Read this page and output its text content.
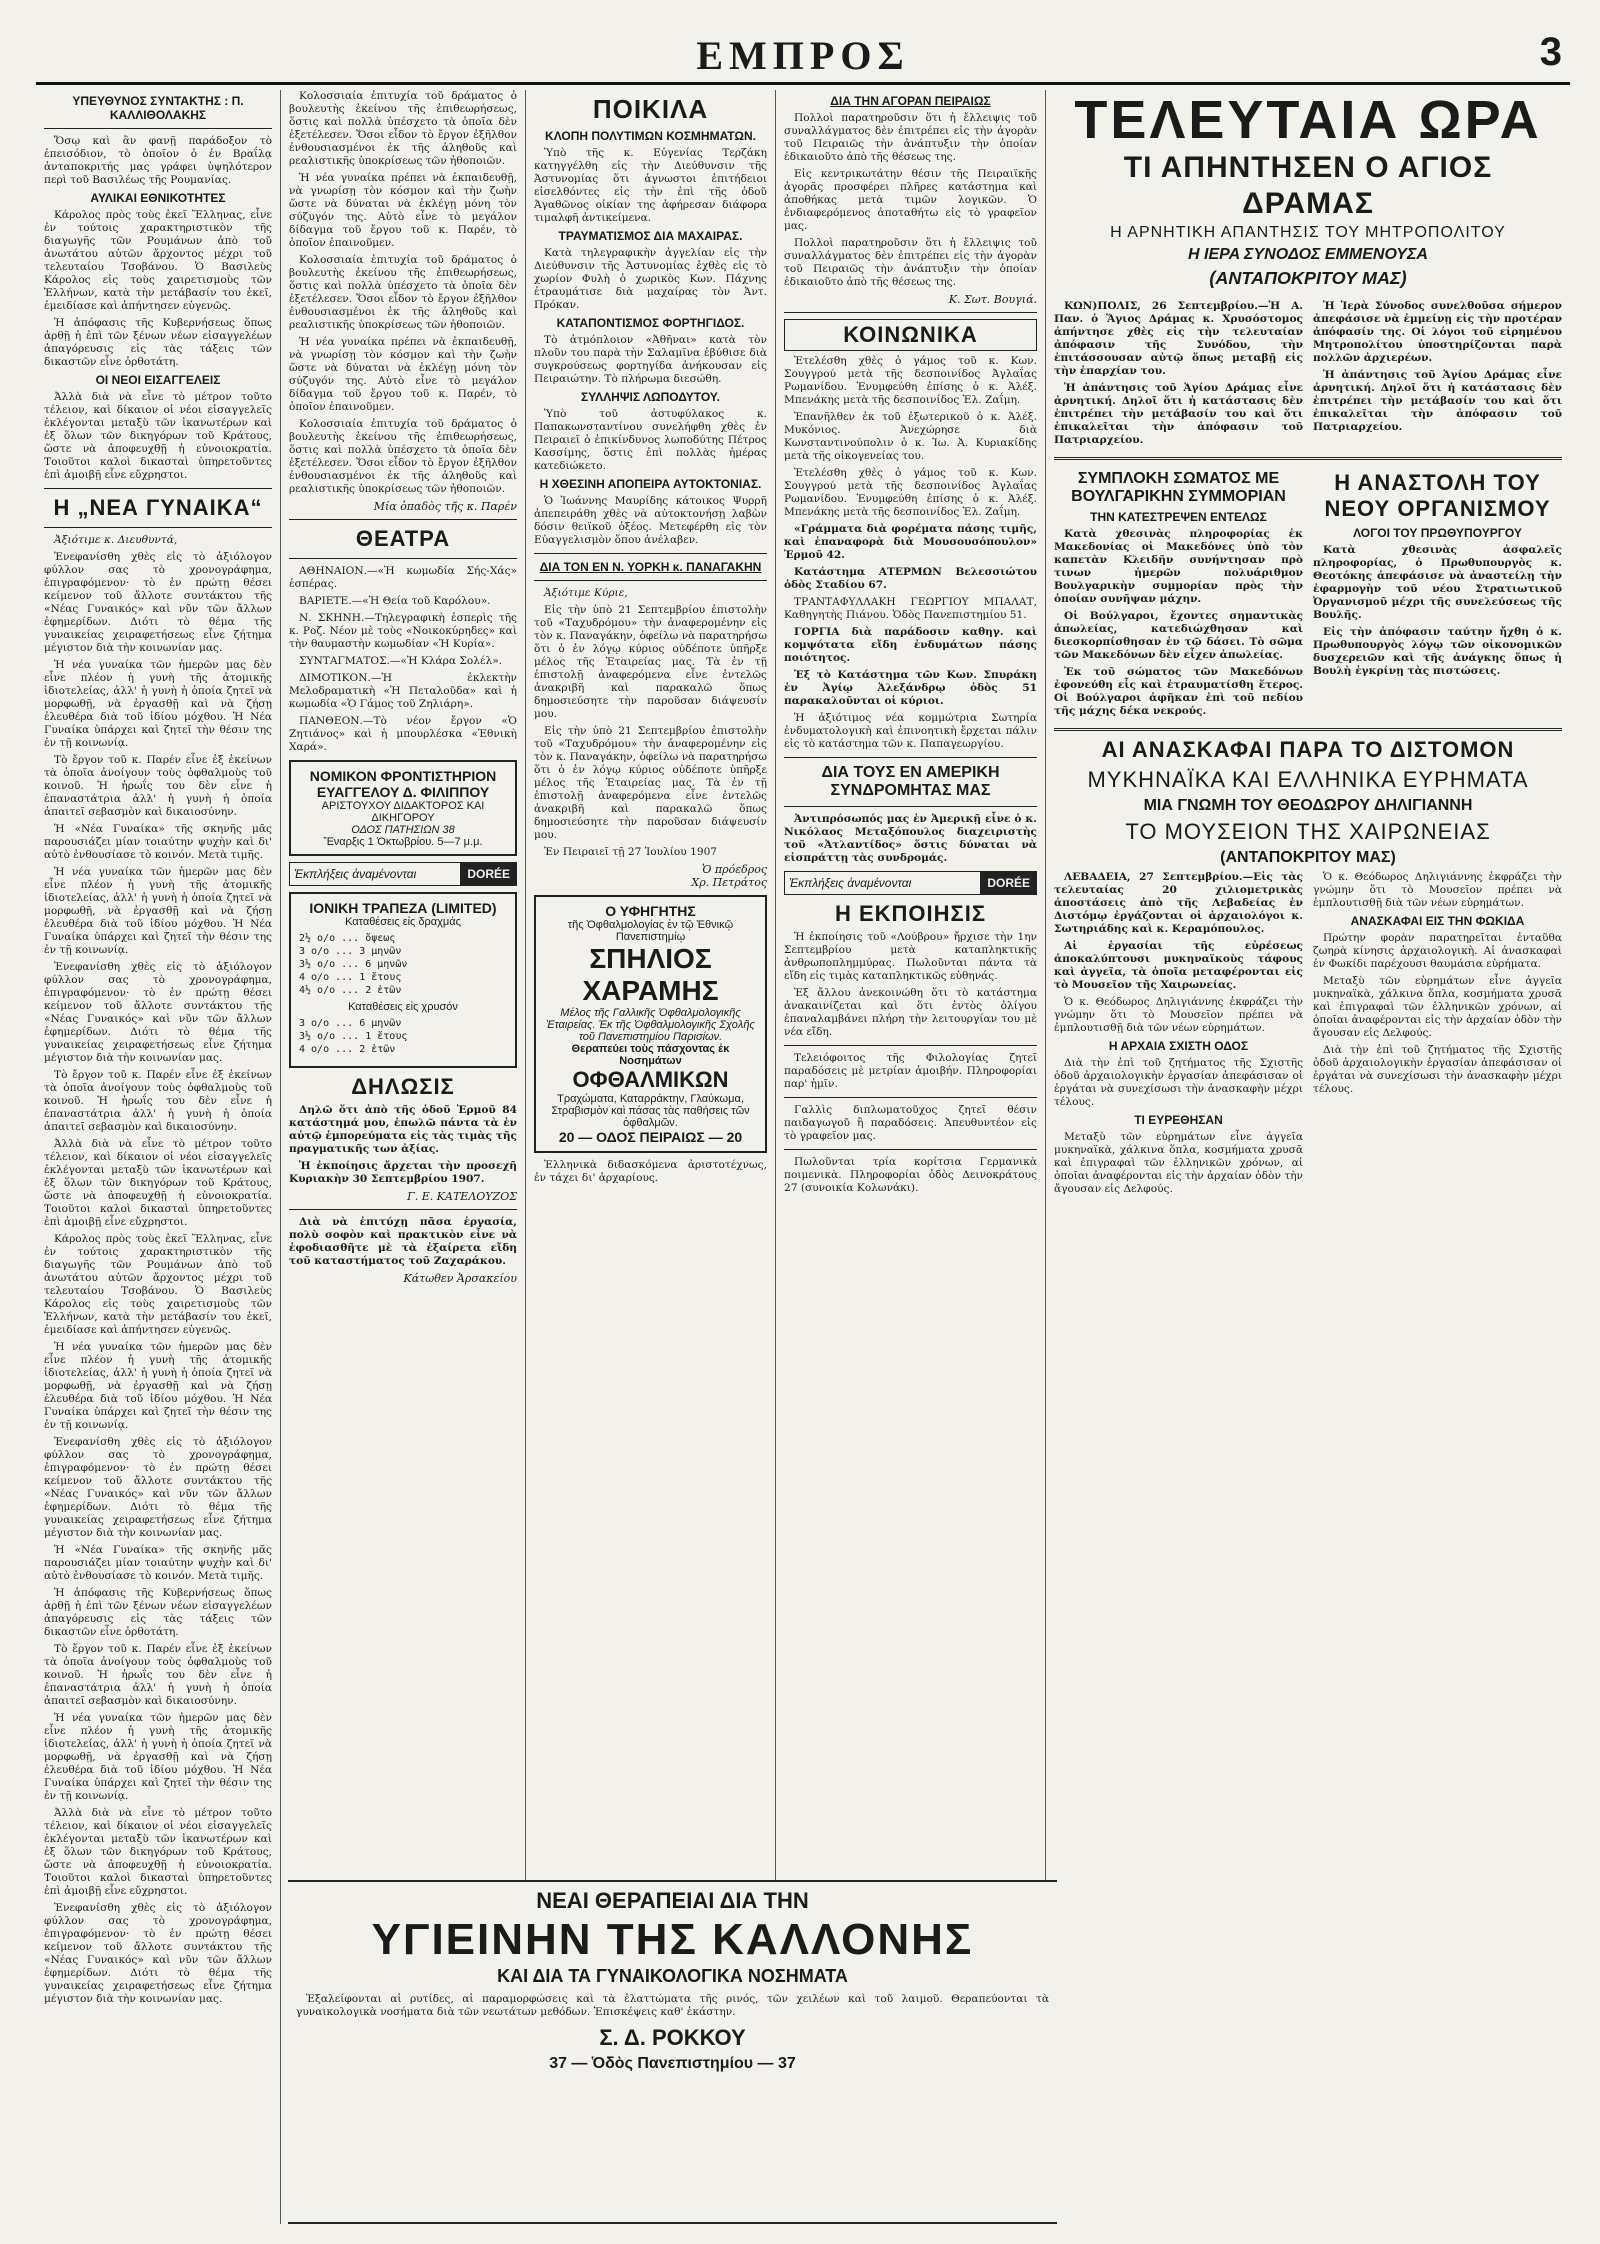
ΕΜΠΡΟΣ	3
ΥΠΕΥΘΥΝΟΣ ΣΥΝΤΑΚΤΗΣ : Π. ΚΑΛΛΙΘΟΛΑΚΗΣ

Ὅσῳ καὶ ἂν φανῇ παράδοξον τὸ ἐπεισόδιον, τὸ ὁποῖον ὁ ἐν Βραΐλᾳ ἀνταποκριτής μας γράφει ὑψηλότερον περὶ τοῦ Βασιλέως τῆς Ρουμανίας.

ΑΥΛΙΚΑΙ ΕΘΝΙΚΟΤΗΤΕΣ

Κάρολος πρὸς τοὺς ἐκεῖ Ἕλληνας, εἶνε ἐν τούτοις χαρακτηριστικὸν τῆς διαγωγῆς τῶν Ρουμάνων ἀπὸ τοῦ ἀνωτάτου αὐτῶν ἄρχοντος μέχρι τοῦ τελευταίου Τσοβάνου. Ὁ Βασιλεὺς Κάρολος εἰς τοὺς χαιρετισμοὺς τῶν Ἑλλήνων, κατὰ τὴν μετάβασίν του ἐκεῖ, ἐμειδίασε καὶ ἀπήντησεν εὐγενῶς.

Ἡ ἀπόφασις τῆς Κυβερνήσεως ὅπως ἀρθῇ ἡ ἐπὶ τῶν ξένων νέων εἰσαγγελέων ἀπαγόρευσις εἰς τὰς τάξεις τῶν δικαστῶν εἶνε ὀρθοτάτη.

ΟΙ ΝΕΟΙ ΕΙΣΑΓΓΕΛΕΙΣ

Ἀλλὰ διὰ νὰ εἶνε τὸ μέτρον τοῦτο τέλειον, καὶ δίκαιον οἱ νέοι εἰσαγγελεῖς ἐκλέγονται μεταξὺ τῶν ἱκανωτέρων καὶ ἐξ ὅλων τῶν δικηγόρων τοῦ Κράτους, ὥστε νὰ ἀποφευχθῇ ἡ εὐνοιοκρατία. Τοιοῦτοι καλοὶ δικασταὶ ὑπηρετοῦντες ἐπὶ ἀμοιβῇ εἶνε εὔχρηστοι.

Η „ΝΕΑ ΓΥΝΑΙΚΑ“

Ἀξιότιμε κ. Διευθυντά,

Ἐνεφανίσθη χθὲς εἰς τὸ ἀξιόλογον φύλλον σας τὸ χρονογράφημα, ἐπιγραφόμενον· τὸ ἐν πρώτῃ θέσει κείμενον τοῦ ἄλλοτε συντάκτου τῆς «Νέας Γυναικός» καὶ νῦν τῶν ἄλλων ἐφημερίδων. Διότι τὸ θέμα τῆς γυναικείας χειραφετήσεως εἶνε ζήτημα μέγιστον διὰ τὴν κοινωνίαν μας.

Ἡ νέα γυναίκα τῶν ἡμερῶν μας δὲν εἶνε πλέον ἡ γυνὴ τῆς ἀτομικῆς ἰδιοτελείας, ἀλλ' ἡ γυνὴ ἡ ὁποία ζητεῖ νὰ μορφωθῇ, νὰ ἐργασθῇ καὶ νὰ ζήσῃ ἐλευθέρα διὰ τοῦ ἰδίου μόχθου. Ἡ Νέα Γυναίκα ὑπάρχει καὶ ζητεῖ τὴν θέσιν της ἐν τῇ κοινωνίᾳ.

Τὸ ἔργον τοῦ κ. Παρέν εἶνε ἐξ ἐκείνων τὰ ὁποῖα ἀνοίγουν τοὺς ὀφθαλμοὺς τοῦ κοινοῦ. Ἡ ἡρωΐς του δὲν εἶνε ἡ ἐπαναστάτρια ἀλλ' ἡ γυνὴ ἡ ὁποία ἀπαιτεῖ σεβασμὸν καὶ δικαιοσύνην.

Ἡ «Νέα Γυναίκα» τῆς σκηνῆς μᾶς παρουσιάζει μίαν τοιαύτην ψυχὴν καὶ δι' αὐτὸ ἐνθουσίασε τὸ κοινόν. Μετὰ τιμῆς.

Ἡ νέα γυναίκα τῶν ἡμερῶν μας δὲν εἶνε πλέον ἡ γυνὴ τῆς ἀτομικῆς ἰδιοτελείας, ἀλλ' ἡ γυνὴ ἡ ὁποία ζητεῖ νὰ μορφωθῇ, νὰ ἐργασθῇ καὶ νὰ ζήσῃ ἐλευθέρα διὰ τοῦ ἰδίου μόχθου. Ἡ Νέα Γυναίκα ὑπάρχει καὶ ζητεῖ τὴν θέσιν της ἐν τῇ κοινωνίᾳ.

Ἐνεφανίσθη χθὲς εἰς τὸ ἀξιόλογον φύλλον σας τὸ χρονογράφημα, ἐπιγραφόμενον· τὸ ἐν πρώτῃ θέσει κείμενον τοῦ ἄλλοτε συντάκτου τῆς «Νέας Γυναικός» καὶ νῦν τῶν ἄλλων ἐφημερίδων. Διότι τὸ θέμα τῆς γυναικείας χειραφετήσεως εἶνε ζήτημα μέγιστον διὰ τὴν κοινωνίαν μας.

Τὸ ἔργον τοῦ κ. Παρέν εἶνε ἐξ ἐκείνων τὰ ὁποῖα ἀνοίγουν τοὺς ὀφθαλμοὺς τοῦ κοινοῦ. Ἡ ἡρωΐς του δὲν εἶνε ἡ ἐπαναστάτρια ἀλλ' ἡ γυνὴ ἡ ὁποία ἀπαιτεῖ σεβασμὸν καὶ δικαιοσύνην.

Ἀλλὰ διὰ νὰ εἶνε τὸ μέτρον τοῦτο τέλειον, καὶ δίκαιον οἱ νέοι εἰσαγγελεῖς ἐκλέγονται μεταξὺ τῶν ἱκανωτέρων καὶ ἐξ ὅλων τῶν δικηγόρων τοῦ Κράτους, ὥστε νὰ ἀποφευχθῇ ἡ εὐνοιοκρατία. Τοιοῦτοι καλοὶ δικασταὶ ὑπηρετοῦντες ἐπὶ ἀμοιβῇ εἶνε εὔχρηστοι.

Κάρολος πρὸς τοὺς ἐκεῖ Ἕλληνας, εἶνε ἐν τούτοις χαρακτηριστικὸν τῆς διαγωγῆς τῶν Ρουμάνων ἀπὸ τοῦ ἀνωτάτου αὐτῶν ἄρχοντος μέχρι τοῦ τελευταίου Τσοβάνου. Ὁ Βασιλεὺς Κάρολος εἰς τοὺς χαιρετισμοὺς τῶν Ἑλλήνων, κατὰ τὴν μετάβασίν του ἐκεῖ, ἐμειδίασε καὶ ἀπήντησεν εὐγενῶς.

Ἡ νέα γυναίκα τῶν ἡμερῶν μας δὲν εἶνε πλέον ἡ γυνὴ τῆς ἀτομικῆς ἰδιοτελείας, ἀλλ' ἡ γυνὴ ἡ ὁποία ζητεῖ νὰ μορφωθῇ, νὰ ἐργασθῇ καὶ νὰ ζήσῃ ἐλευθέρα διὰ τοῦ ἰδίου μόχθου. Ἡ Νέα Γυναίκα ὑπάρχει καὶ ζητεῖ τὴν θέσιν της ἐν τῇ κοινωνίᾳ.

Ἐνεφανίσθη χθὲς εἰς τὸ ἀξιόλογον φύλλον σας τὸ χρονογράφημα, ἐπιγραφόμενον· τὸ ἐν πρώτῃ θέσει κείμενον τοῦ ἄλλοτε συντάκτου τῆς «Νέας Γυναικός» καὶ νῦν τῶν ἄλλων ἐφημερίδων. Διότι τὸ θέμα τῆς γυναικείας χειραφετήσεως εἶνε ζήτημα μέγιστον διὰ τὴν κοινωνίαν μας.

Ἡ «Νέα Γυναίκα» τῆς σκηνῆς μᾶς παρουσιάζει μίαν τοιαύτην ψυχὴν καὶ δι' αὐτὸ ἐνθουσίασε τὸ κοινόν. Μετὰ τιμῆς.

Ἡ ἀπόφασις τῆς Κυβερνήσεως ὅπως ἀρθῇ ἡ ἐπὶ τῶν ξένων νέων εἰσαγγελέων ἀπαγόρευσις εἰς τὰς τάξεις τῶν δικαστῶν εἶνε ὀρθοτάτη.

Τὸ ἔργον τοῦ κ. Παρέν εἶνε ἐξ ἐκείνων τὰ ὁποῖα ἀνοίγουν τοὺς ὀφθαλμοὺς τοῦ κοινοῦ. Ἡ ἡρωΐς του δὲν εἶνε ἡ ἐπαναστάτρια ἀλλ' ἡ γυνὴ ἡ ὁποία ἀπαιτεῖ σεβασμὸν καὶ δικαιοσύνην.

Ἡ νέα γυναίκα τῶν ἡμερῶν μας δὲν εἶνε πλέον ἡ γυνὴ τῆς ἀτομικῆς ἰδιοτελείας, ἀλλ' ἡ γυνὴ ἡ ὁποία ζητεῖ νὰ μορφωθῇ, νὰ ἐργασθῇ καὶ νὰ ζήσῃ ἐλευθέρα διὰ τοῦ ἰδίου μόχθου. Ἡ Νέα Γυναίκα ὑπάρχει καὶ ζητεῖ τὴν θέσιν της ἐν τῇ κοινωνίᾳ.

Ἀλλὰ διὰ νὰ εἶνε τὸ μέτρον τοῦτο τέλειον, καὶ δίκαιον οἱ νέοι εἰσαγγελεῖς ἐκλέγονται μεταξὺ τῶν ἱκανωτέρων καὶ ἐξ ὅλων τῶν δικηγόρων τοῦ Κράτους, ὥστε νὰ ἀποφευχθῇ ἡ εὐνοιοκρατία. Τοιοῦτοι καλοὶ δικασταὶ ὑπηρετοῦντες ἐπὶ ἀμοιβῇ εἶνε εὔχρηστοι.

Ἐνεφανίσθη χθὲς εἰς τὸ ἀξιόλογον φύλλον σας τὸ χρονογράφημα, ἐπιγραφόμενον· τὸ ἐν πρώτῃ θέσει κείμενον τοῦ ἄλλοτε συντάκτου τῆς «Νέας Γυναικός» καὶ νῦν τῶν ἄλλων ἐφημερίδων. Διότι τὸ θέμα τῆς γυναικείας χειραφετήσεως εἶνε ζήτημα μέγιστον διὰ τὴν κοινωνίαν μας.

Κολοσσιαία ἐπιτυχία τοῦ δράματος ὁ βουλευτὴς ἐκείνου τῆς ἐπιθεωρήσεως, ὅστις καὶ πολλὰ ὑπέσχετο τὰ ὁποῖα δὲν ἐξετέλεσεν. Ὅσοι εἶδον τὸ ἔργον ἐξῆλθον ἐνθουσιασμένοι ἐκ τῆς ἀληθοῦς καὶ ρεαλιστικῆς ὑποκρίσεως τῶν ἠθοποιῶν.

Ἡ νέα γυναίκα πρέπει νὰ ἐκπαιδευθῇ, νὰ γνωρίσῃ τὸν κόσμον καὶ τὴν ζωὴν ὥστε νὰ δύναται νὰ ἐκλέγῃ μόνη τὸν σύζυγόν της. Αὐτὸ εἶνε τὸ μεγάλον δίδαγμα τοῦ ἔργου τοῦ κ. Παρέν, τὸ ὁποῖον ἐπαινοῦμεν.

Κολοσσιαία ἐπιτυχία τοῦ δράματος ὁ βουλευτὴς ἐκείνου τῆς ἐπιθεωρήσεως, ὅστις καὶ πολλὰ ὑπέσχετο τὰ ὁποῖα δὲν ἐξετέλεσεν. Ὅσοι εἶδον τὸ ἔργον ἐξῆλθον ἐνθουσιασμένοι ἐκ τῆς ἀληθοῦς καὶ ρεαλιστικῆς ὑποκρίσεως τῶν ἠθοποιῶν.

Ἡ νέα γυναίκα πρέπει νὰ ἐκπαιδευθῇ, νὰ γνωρίσῃ τὸν κόσμον καὶ τὴν ζωὴν ὥστε νὰ δύναται νὰ ἐκλέγῃ μόνη τὸν σύζυγόν της. Αὐτὸ εἶνε τὸ μεγάλον δίδαγμα τοῦ ἔργου τοῦ κ. Παρέν, τὸ ὁποῖον ἐπαινοῦμεν.

Κολοσσιαία ἐπιτυχία τοῦ δράματος ὁ βουλευτὴς ἐκείνου τῆς ἐπιθεωρήσεως, ὅστις καὶ πολλὰ ὑπέσχετο τὰ ὁποῖα δὲν ἐξετέλεσεν. Ὅσοι εἶδον τὸ ἔργον ἐξῆλθον ἐνθουσιασμένοι ἐκ τῆς ἀληθοῦς καὶ ρεαλιστικῆς ὑποκρίσεως τῶν ἠθοποιῶν.

Μία ὀπαδὸς τῆς κ. Παρέν
ΘΕΑΤΡΑ

ΑΘΗΝΑΙΟΝ.—«Ἡ κωμωδία Σής-Χάς» ἑσπέρας.

ΒΑΡΙΕΤΕ.—«Ἡ Θεία τοῦ Καρόλου».

Ν. ΣΚΗΝΗ.—Τηλεγραφικὴ ἐσπερὶς τῆς κ. Ροζ. Νέον μὲ τοὺς «Νοικοκύρηδες» καὶ τὴν θαυμαστὴν κωμωδίαν «Ἡ Κυρία».

ΣΥΝΤΑΓΜΑΤΟΣ.—«Ἡ Κλάρα Σολέλ».

ΔΙΜΟΤΙΚΟΝ.—Ἡ ἐκλεκτὴν Μελοδραματικὴ «Ἡ Πεταλοῦδα» καὶ ἡ κωμωδία «Ὁ Γάμος τοῦ Ζηλιάρη».

ΠΑΝΘΕΟΝ.—Τὸ νέον ἔργον «Ὁ Ζητιάνος» καὶ ἡ μπουρλέσκα «Ἐθνικὴ Χαρά».

ΝΟΜΙΚΟΝ ΦΡΟΝΤΙΣΤΗΡΙΟΝ
ΕΥΑΓΓΕΛΟΥ Δ. ΦΙΛΙΠΠΟΥ
ΑΡΙΣΤΟΥΧΟΥ ΔΙΔΑΚΤΟΡΟΣ ΚΑΙ ΔΙΚΗΓΟΡΟΥ
ΟΔΟΣ ΠΑΤΗΣΙΩΝ 38
Ἔναρξις 1 Ὀκτωβρίου. 5—7 μ.μ.
Ἐκπλήξεις ἀναμένονται	DORÉE
ΙΟΝΙΚΗ ΤΡΑΠΕΖΑ (LIMITED)
Καταθέσεις εἰς δραχμάς
2½ ο/ο ... ὄψεως
3 ο/ο ... 3 μηνῶν
3½ ο/ο ... 6 μηνῶν
4 ο/ο ... 1 ἔτους
4½ ο/ο ... 2 ἐτῶν
Καταθέσεις εἰς χρυσόν
3 ο/ο ... 6 μηνῶν
3½ ο/ο ... 1 ἔτους
4 ο/ο ... 2 ἐτῶν
ΔΗΛΩΣΙΣ

Δηλῶ ὅτι ἀπὸ τῆς ὁδοῦ Ἑρμοῦ 84 κατάστημά μου, ἐπωλῶ πάντα τὰ ἐν αὐτῷ ἐμπορεύματα εἰς τὰς τιμὰς τῆς πραγματικῆς των ἀξίας.

Ἡ ἐκποίησις ἄρχεται τὴν προσεχῆ Κυριακὴν 30 Σεπτεμβρίου 1907.

Γ. Ε. ΚΑΤΕΛΟΥΖΟΣ

Διὰ νὰ ἐπιτύχῃ πᾶσα ἐργασία, πολὺ σοφὸν καὶ πρακτικὸν εἶνε νὰ ἐφοδιασθῆτε μὲ τὰ ἐξαίρετα εἴδη τοῦ καταστήματος τοῦ Ζαχαράκου.

Κάτωθεν Ἀρσακείου
ΠΟΙΚΙΛΑ
ΚΛΟΠΗ ΠΟΛΥΤΙΜΩΝ ΚΟΣΜΗΜΑΤΩΝ.

Ὑπὸ τῆς κ. Εὐγενίας Τερζάκη κατηγγέλθη εἰς τὴν Διεύθυνσιν τῆς Ἀστυνομίας ὅτι ἀγνωστοι ἐπιτήδειοι εἰσελθόντες εἰς τὴν ἐπὶ τῆς ὁδοῦ Ἀγαθῶνος οἰκίαν της ἀφήρεσαν διάφορα τιμαλφῆ ἀντικείμενα.

ΤΡΑΥΜΑΤΙΣΜΟΣ ΔΙΑ ΜΑΧΑΙΡΑΣ.

Κατὰ τηλεγραφικὴν ἀγγελίαν εἰς τὴν Διεύθυνσιν τῆς Ἀστυνομίας ἐχθὲς εἰς τὸ χωρίον Φυλὴ ὁ χωρικὸς Κων. Πάχνης ἐτραυμάτισε διὰ μαχαίρας τὸν Ἀντ. Πρόκαν.

ΚΑΤΑΠΟΝΤΙΣΜΟΣ ΦΟΡΤΗΓΙΔΟΣ.

Τὸ ἀτμόπλοιον «Ἀθῆναι» κατὰ τὸν πλοῦν του παρὰ τὴν Σαλαμῖνα ἐβύθισε διὰ συγκρούσεως φορτηγίδα ἀνήκουσαν εἰς Πειραιώτην. Τὸ πλήρωμα διεσώθη.

ΣΥΛΛΗΨΙΣ ΛΩΠΟΔΥΤΟΥ.

Ὑπὸ τοῦ ἀστυφύλακος κ. Παπακωνσταντίνου συνελήφθη χθὲς ἐν Πειραιεῖ ὁ ἐπικίνδυνος λωποδύτης Πέτρος Κασσίμης, ὅστις ἐπὶ πολλὰς ἡμέρας κατεδιώκετο.

Η ΧΘΕΣΙΝΗ ΑΠΟΠΕΙΡΑ ΑΥΤΟΚΤΟΝΙΑΣ.

Ὁ Ἰωάννης Μαυρίδης κάτοικος Ψυρρῆ ἀπεπειράθη χθὲς νὰ αὐτοκτονήσῃ λαβὼν δόσιν θειϊκοῦ ὀξέος. Μετεφέρθη εἰς τὸν Εὐαγγελισμὸν ὅπου ἀνέλαβεν.

ΔΙΑ ΤΟΝ ΕΝ Ν. ΥΟΡΚΗ κ. ΠΑΝΑΓΑΚΗΝ

Ἀξιότιμε Κύριε,

Εἰς τὴν ὑπὸ 21 Σεπτεμβρίου ἐπιστολὴν τοῦ «Ταχυδρόμου» τὴν ἀναφερομένην εἰς τὸν κ. Παναγάκην, ὀφείλω νὰ παρατηρήσω ὅτι ὁ ἐν λόγῳ κύριος οὐδέποτε ὑπῆρξε μέλος τῆς Ἑταιρείας μας. Τὰ ἐν τῇ ἐπιστολῇ ἀναφερόμενα εἶνε ἐντελῶς ἀνακριβῆ καὶ παρακαλῶ ὅπως δημοσιεύσητε τὴν παροῦσαν διάψευσίν μου.

Εἰς τὴν ὑπὸ 21 Σεπτεμβρίου ἐπιστολὴν τοῦ «Ταχυδρόμου» τὴν ἀναφερομένην εἰς τὸν κ. Παναγάκην, ὀφείλω νὰ παρατηρήσω ὅτι ὁ ἐν λόγῳ κύριος οὐδέποτε ὑπῆρξε μέλος τῆς Ἑταιρείας μας. Τὰ ἐν τῇ ἐπιστολῇ ἀναφερόμενα εἶνε ἐντελῶς ἀνακριβῆ καὶ παρακαλῶ ὅπως δημοσιεύσητε τὴν παροῦσαν διάψευσίν μου.

Ἐν Πειραιεῖ τῇ 27 Ἰουλίου 1907

Ὁ πρόεδρος
Χρ. Πετράτος
Ο ΥΦΗΓΗΤΗΣ
τῆς Ὀφθαλμολογίας ἐν τῷ Ἐθνικῷ Πανεπιστημίῳ
ΣΠΗΛΙΟΣ ΧΑΡΑΜΗΣ
Μέλος τῆς Γαλλικῆς Ὀφθαλμολογικῆς Ἑταιρείας. Ἐκ τῆς Ὀφθαλμολογικῆς Σχολῆς τοῦ Πανεπιστημίου Παρισίων.
Θεραπεύει τοὺς πάσχοντας ἐκ Νοσημάτων
ΟΦΘΑΛΜΙΚΩΝ
Τραχώματα, Καταρράκτην, Γλαύκωμα, Στραβισμὸν καὶ πάσας τὰς παθήσεις τῶν ὀφθαλμῶν.
20 — ΟΔΟΣ ΠΕΙΡΑΙΩΣ — 20

Ἑλληνικὰ διδασκόμενα ἀριστοτέχνως, ἐν τάχει δι' ἀρχαρίους.

ΔΙΑ ΤΗΝ ΑΓΟΡΑΝ ΠΕΙΡΑΙΩΣ

Πολλοὶ παρατηροῦσιν ὅτι ἡ ἔλλειψις τοῦ συναλλάγματος δὲν ἐπιτρέπει εἰς τὴν ἀγορὰν τοῦ Πειραιῶς τὴν ἀνάπτυξιν τὴν ὁποίαν ἐδικαιοῦτο ἀπὸ τῆς θέσεως της.

Εἰς κεντρικωτάτην θέσιν τῆς Πειραιϊκῆς ἀγορᾶς προσφέρει πλῆρες κατάστημα καὶ ἀποθήκας μετὰ τιμῶν λογικῶν. Ὁ ἐνδιαφερόμενος ἀποταθήτω εἰς τὸ γραφεῖον μας.

Πολλοὶ παρατηροῦσιν ὅτι ἡ ἔλλειψις τοῦ συναλλάγματος δὲν ἐπιτρέπει εἰς τὴν ἀγορὰν τοῦ Πειραιῶς τὴν ἀνάπτυξιν τὴν ὁποίαν ἐδικαιοῦτο ἀπὸ τῆς θέσεως της.

Κ. Σωτ. Βουγιά.
ΚΟΙΝΩΝΙΚΑ

Ἐτελέσθη χθὲς ὁ γάμος τοῦ κ. Κων. Σουγγρού μετὰ τῆς δεσποινίδος Ἀγλαΐας Ρωμανίδου. Ἐνυμφεύθη ἐπίσης ὁ κ. Ἀλέξ. Μπενάκης μετὰ τῆς δεσποινίδος Ἑλ. Ζαΐμη.

Ἐπανῆλθεν ἐκ τοῦ ἐξωτερικοῦ ὁ κ. Ἀλέξ. Μυκόνιος. Ἀνεχώρησε διὰ Κωνσταντινούπολιν ὁ κ. Ἰω. Ἀ. Κυριακίδης μετὰ τῆς οἰκογενείας του.

Ἐτελέσθη χθὲς ὁ γάμος τοῦ κ. Κων. Σουγγρού μετὰ τῆς δεσποινίδος Ἀγλαΐας Ρωμανίδου. Ἐνυμφεύθη ἐπίσης ὁ κ. Ἀλέξ. Μπενάκης μετὰ τῆς δεσποινίδος Ἑλ. Ζαΐμη.

«Γράμματα διὰ φορέματα πάσης τιμῆς, καὶ ἐπαναφορὰ διὰ Μουσουσόπουλον» Ἑρμοῦ 42.

Κατάστημα ΑΤΕΡΜΩΝ Βελεσσιώτου ὁδὸς Σταδίου 67.

ΤΡΑΝΤΑΦΥΛΛΑΚΗ ΓΕΩΡΓΙΟΥ ΜΠΑΛΑΤ, Καθηγητὴς Πιάνου. Ὁδὸς Πανεπιστημίου 51.

ΓΟΡΓΙΑ διὰ παράδοσιν καθηγ. καὶ κομψότατα εἴδη ἐνδυμάτων πάσης ποιότητος.

Ἐξ τὸ Κατάστημα τῶν Κων. Σπυράκη ἐν Ἀγίῳ Ἀλεξάνδρῳ ὁδὸς 51 παρακαλοῦνται οἱ κύριοι.

Ἡ ἀξιότιμος νέα κομμώτρια Σωτηρία ἐνδυματολογικὴ καὶ ἐπινοητικὴ ἔρχεται πάλιν εἰς τὸ κατάστημα τῶν κ. Παπαγεωργίου.

ΔΙΑ ΤΟΥΣ ΕΝ ΑΜΕΡΙΚΗ ΣΥΝΔΡΟΜΗΤΑΣ ΜΑΣ

Ἀντιπρόσωπός μας ἐν Ἀμερικῇ εἶνε ὁ κ. Νικόλαος Μεταξόπουλος διαχειριστὴς τοῦ «Ἀτλαντίδος» ὅστις δύναται νὰ εἰσπράττῃ τὰς συνδρομάς.

Ἐκπλήξεις ἀναμένονται	DORÉE
Η ΕΚΠΟΙΗΣΙΣ

Ἡ ἐκποίησις τοῦ «Λούβρου» ἤρχισε τὴν 1ην Σεπτεμβρίου μετὰ καταπληκτικῆς ἀνθρωποπλημμύρας. Πωλοῦνται πάντα τὰ εἴδη εἰς τιμὰς καταπληκτικῶς εὐθηνάς.

Ἐξ ἄλλου ἀνεκοινώθη ὅτι τὸ κατάστημα ἀνακαινίζεται καὶ ὅτι ἐντὸς ὀλίγου ἐπαναλαμβάνει πλήρη τὴν λειτουργίαν του μὲ νέα εἴδη.

Τελειόφοιτος τῆς Φιλολογίας ζητεῖ παραδόσεις μὲ μετρίαν ἀμοιβήν. Πληροφορίαι παρ' ἡμῖν.

Γαλλὶς διπλωματοῦχος ζητεῖ θέσιν παιδαγωγοῦ ἢ παραδόσεις. Ἀπευθυντέον εἰς τὸ γραφεῖον μας.

Πωλοῦνται τρία κορίτσια Γερμανικὰ ποιμενικὰ. Πληροφορίαι ὁδὸς Δεινοκράτους 27 (συνοικία Κολωνάκι).

ΤΕΛΕΥΤΑΙΑ ΩΡΑ
ΤΙ ΑΠΗΝΤΗΣΕΝ Ο ΑΓΙΟΣ ΔΡΑΜΑΣ
Η ΑΡΝΗΤΙΚΗ ΑΠΑΝΤΗΣΙΣ ΤΟΥ ΜΗΤΡΟΠΟΛΙΤΟΥ
Η ΙΕΡΑ ΣΥΝΟΔΟΣ ΕΜΜΕΝΟΥΣΑ
(ΑΝΤΑΠΟΚΡΙΤΟΥ ΜΑΣ)

ΚΩΝ)ΠΟΛΙΣ, 26 Σεπτεμβρίου.—Ἡ Α. Παν. ὁ Ἅγιος Δράμας κ. Χρυσόστομος ἀπήντησε χθὲς εἰς τὴν τελευταίαν ἀπόφασιν τῆς Συνόδου, τὴν ἐπιτάσσουσαν αὐτῷ ὅπως μεταβῇ εἰς τὴν ἐπαρχίαν του.

Ἡ ἀπάντησις τοῦ Ἁγίου Δράμας εἶνε ἀρνητική. Δηλοῖ ὅτι ἡ κατάστασις δὲν ἐπιτρέπει τὴν μετάβασίν του καὶ ὅτι ἐπικαλεῖται τὴν ἀπόφασιν τοῦ Πατριαρχείου.

Ἡ Ἱερὰ Σύνοδος συνελθοῦσα σήμερον ἀπεφάσισε νὰ ἐμμείνῃ εἰς τὴν προτέραν ἀπόφασίν της. Οἱ λόγοι τοῦ εἰρημένου Μητροπολίτου ὑποστηρίζονται παρὰ πολλῶν ἀρχιερέων.

Ἡ ἀπάντησις τοῦ Ἁγίου Δράμας εἶνε ἀρνητική. Δηλοῖ ὅτι ἡ κατάστασις δὲν ἐπιτρέπει τὴν μετάβασίν του καὶ ὅτι ἐπικαλεῖται τὴν ἀπόφασιν τοῦ Πατριαρχείου.

ΣΥΜΠΛΟΚΗ ΣΩΜΑΤΟΣ ΜΕ ΒΟΥΛΓΑΡΙΚΗΝ ΣΥΜΜΟΡΙΑΝ
ΤΗΝ ΚΑΤΕΣΤΡΕΨΕΝ ΕΝΤΕΛΩΣ

Κατὰ χθεσινὰς πληροφορίας ἐκ Μακεδονίας οἱ Μακεδόνες ὑπὸ τὸν καπετὰν Κλειδῆν συνήντησαν πρὸ τινων ἡμερῶν πολυάριθμον Βουλγαρικὴν συμμορίαν πρὸς τὴν ὁποίαν συνῆψαν μάχην.

Οἱ Βούλγαροι, ἔχοντες σημαντικὰς ἀπωλείας, κατεδιώχθησαν καὶ διεσκορπίσθησαν ἐν τῷ δάσει. Τὸ σῶμα τῶν Μακεδόνων δὲν εἶχεν ἀπωλείας.

Ἐκ τοῦ σώματος τῶν Μακεδόνων ἐφονεύθη εἷς καὶ ἐτραυματίσθη ἕτερος. Οἱ Βούλγαροι ἀφῆκαν ἐπὶ τοῦ πεδίου τῆς μάχης δέκα νεκρούς.

Η ΑΝΑΣΤΟΛΗ ΤΟΥ ΝΕΟΥ ΟΡΓΑΝΙΣΜΟΥ
ΛΟΓΟΙ ΤΟΥ ΠΡΩΘΥΠΟΥΡΓΟΥ

Κατὰ χθεσινὰς ἀσφαλεῖς πληροφορίας, ὁ Πρωθυπουργὸς κ. Θεοτόκης ἀπεφάσισε νὰ ἀναστείλῃ τὴν ἐφαρμογὴν τοῦ νέου Στρατιωτικοῦ Ὀργανισμοῦ μέχρι τῆς συνελεύσεως τῆς Βουλῆς.

Εἰς τὴν ἀπόφασιν ταύτην ἤχθη ὁ κ. Πρωθυπουργὸς λόγῳ τῶν οἰκονομικῶν δυσχερειῶν καὶ τῆς ἀνάγκης ὅπως ἡ Βουλὴ ἐγκρίνῃ τὰς πιστώσεις.

ΑΙ ΑΝΑΣΚΑΦΑΙ ΠΑΡΑ ΤΟ ΔΙΣΤΟΜΟΝ
ΜΥΚΗΝΑΪΚΑ ΚΑΙ ΕΛΛΗΝΙΚΑ ΕΥΡΗΜΑΤΑ
ΜΙΑ ΓΝΩΜΗ ΤΟΥ ΘΕΟΔΩΡΟΥ ΔΗΛΙΓΙΑΝΝΗ
ΤΟ ΜΟΥΣΕΙΟΝ ΤΗΣ ΧΑΙΡΩΝΕΙΑΣ
(ΑΝΤΑΠΟΚΡΙΤΟΥ ΜΑΣ)

ΛΕΒΑΔΕΙΑ, 27 Σεπτεμβρίου.—Εἰς τὰς τελευταίας 20 χιλιομετρικὰς ἀποστάσεις ἀπὸ τῆς Λεβαδείας ἐν Διστόμῳ ἐργάζονται οἱ ἀρχαιολόγοι κ. Σωτηριάδης καὶ κ. Κεραμόπουλος.

Αἱ ἐργασίαι τῆς εὑρέσεως ἀποκαλύπτουσι μυκηναϊκοὺς τάφους καὶ ἀγγεῖα, τὰ ὁποῖα μεταφέρονται εἰς τὸ Μουσεῖον τῆς Χαιρωνείας.

Ὁ κ. Θεόδωρος Δηλιγιάννης ἐκφράζει τὴν γνώμην ὅτι τὸ Μουσεῖον πρέπει νὰ ἐμπλουτισθῇ διὰ τῶν νέων εὑρημάτων.

Η ΑΡΧΑΙΑ ΣΧΙΣΤΗ ΟΔΟΣ

Διὰ τὴν ἐπὶ τοῦ ζητήματος τῆς Σχιστῆς ὁδοῦ ἀρχαιολογικὴν ἐργασίαν ἀπεφάσισαν οἱ ἐργάται νὰ συνεχίσωσι τὴν ἀνασκαφὴν μέχρι τέλους.

ΤΙ ΕΥΡΕΘΗΣΑΝ

Μεταξὺ τῶν εὑρημάτων εἶνε ἀγγεῖα μυκηναϊκὰ, χάλκινα ὅπλα, κοσμήματα χρυσᾶ καὶ ἐπιγραφαὶ τῶν ἑλληνικῶν χρόνων, αἱ ὁποῖαι ἀναφέρονται εἰς τὴν ἀρχαίαν ὁδὸν τὴν ἄγουσαν εἰς Δελφούς.

Ὁ κ. Θεόδωρος Δηλιγιάννης ἐκφράζει τὴν γνώμην ὅτι τὸ Μουσεῖον πρέπει νὰ ἐμπλουτισθῇ διὰ τῶν νέων εὑρημάτων.

ΑΝΑΣΚΑΦΑΙ ΕΙΣ ΤΗΝ ΦΩΚΙΔΑ

Πρώτην φορὰν παρατηρεῖται ἐνταῦθα ζωηρὰ κίνησις ἀρχαιολογικὴ. Αἱ ἀνασκαφαὶ ἐν Φωκίδι παρέχουσι θαυμάσια εὑρήματα.

Μεταξὺ τῶν εὑρημάτων εἶνε ἀγγεῖα μυκηναϊκὰ, χάλκινα ὅπλα, κοσμήματα χρυσᾶ καὶ ἐπιγραφαὶ τῶν ἑλληνικῶν χρόνων, αἱ ὁποῖαι ἀναφέρονται εἰς τὴν ἀρχαίαν ὁδὸν τὴν ἄγουσαν εἰς Δελφούς.

Διὰ τὴν ἐπὶ τοῦ ζητήματος τῆς Σχιστῆς ὁδοῦ ἀρχαιολογικὴν ἐργασίαν ἀπεφάσισαν οἱ ἐργάται νὰ συνεχίσωσι τὴν ἀνασκαφὴν μέχρι τέλους.

ΝΕΑΙ ΘΕΡΑΠΕΙΑΙ ΔΙΑ ΤΗΝ
ΥΓΙΕΙΝΗΝ ΤΗΣ ΚΑΛΛΟΝΗΣ
ΚΑΙ ΔΙΑ ΤΑ ΓΥΝΑΙΚΟΛΟΓΙΚΑ ΝΟΣΗΜΑΤΑ

Ἐξαλείφονται αἱ ρυτίδες, αἱ παραμορφώσεις καὶ τὰ ἐλαττώματα τῆς ρινός, τῶν χειλέων καὶ τοῦ λαιμοῦ. Θεραπεύονται τὰ γυναικολογικὰ νοσήματα διὰ τῶν νεωτάτων μεθόδων. Ἐπισκέψεις καθ' ἑκάστην.

Σ. Δ. ΡΟΚΚΟΥ
37 — Ὁδὸς Πανεπιστημίου — 37
